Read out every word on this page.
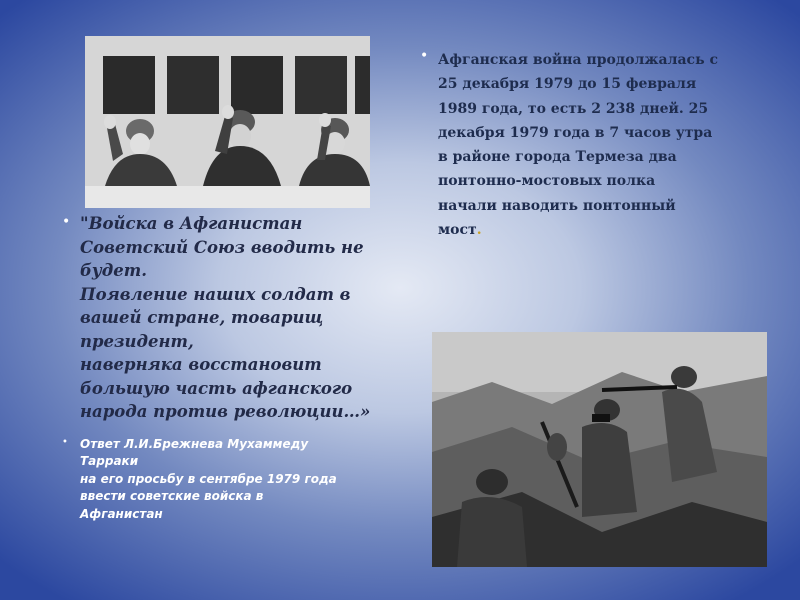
• "Войска в Афганистан
Советский Союз вводить не
будет.
Появление наших солдат в
вашей стране, товарищ
президент,
наверняка восстановит
большую часть афганского
народа против революции…»

• Ответ Л.И.Брежнева Мухаммеду
Тарраки
на его просьбу в сентябре 1979 года
ввести советские войска в
Афганистан

• Афганская война продолжалась с
25 декабря 1979 до 15 февраля
1989 года, то есть 2 238 дней. 25
декабря 1979 года в 7 часов утра
в районе города Термеза два
понтонно-мостовых полка
начали наводить понтонный
мост.
